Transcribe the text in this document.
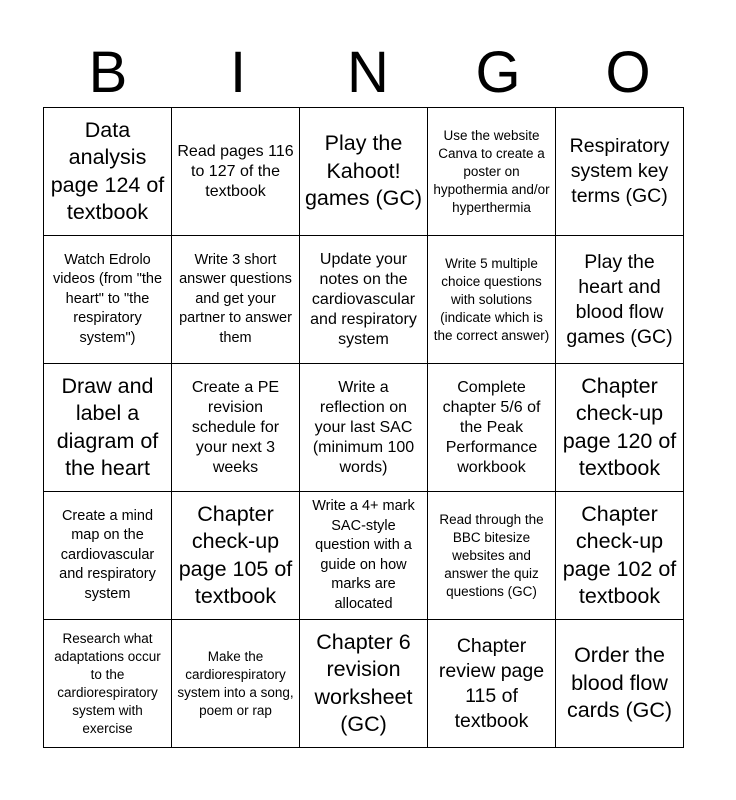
B	I	N	G	O
Data analysis page 124 of textbook	Read pages 116 to 127 of the textbook	Play the Kahoot! games (GC)	Use the website Canva to create a poster on hypothermia and/or hyperthermia	Respiratory system key terms (GC)
Watch Edrolo videos (from "the heart" to "the respiratory system")	Write 3 short answer questions and get your partner to answer them	Update your notes on the cardiovascular and respiratory system	Write 5 multiple choice questions with solutions (indicate which is the correct answer)	Play the heart and blood flow games (GC)
Draw and label a diagram of the heart	Create a PE revision schedule for your next 3 weeks	Write a reflection on your last SAC (minimum 100 words)	Complete chapter 5/6 of the Peak Performance workbook	Chapter check-up page 120 of textbook
Create a mind map on the cardiovascular and respiratory system	Chapter check-up page 105 of textbook	Write a 4+ mark SAC-style question with a guide on how marks are allocated	Read through the BBC bitesize websites and answer the quiz questions (GC)	Chapter check-up page 102 of textbook
Research what adaptations occur to the cardiorespiratory system with exercise	Make the cardiorespiratory system into a song, poem or rap	Chapter 6 revision worksheet (GC)	Chapter review page 115 of textbook	Order the blood flow cards (GC)
